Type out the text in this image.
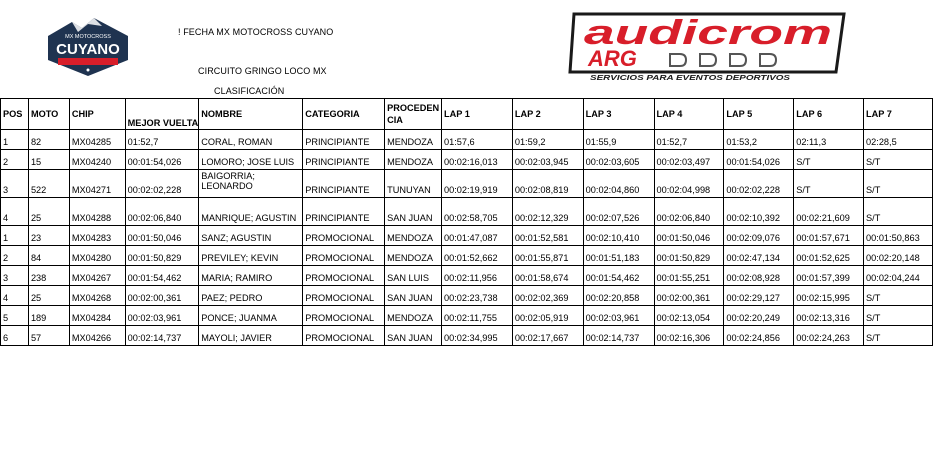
MX MOTOCROSS
CUYANO
! FECHA MX MOTOCROSS CUYANO
CIRCUITO GRINGO LOCO MX
CLASIFICACIÓN
audicrom
ARG
SERVICIOS PARA EVENTOS DEPORTIVOS
POS	MOTO	CHIP	MEJOR VUELTA	NOMBRE	CATEGORIA	PROCEDENCIA	LAP 1	LAP 2	LAP 3	LAP 4	LAP 5	LAP 6	LAP 7
1	82	MX04285	01:52,7	CORAL, ROMAN	PRINCIPIANTE	MENDOZA	01:57,6	01:59,2	01:55,9	01:52,7	01:53,2	02:11,3	02:28,5
2	15	MX04240	00:01:54,026	LOMORO; JOSE LUIS	PRINCIPIANTE	MENDOZA	00:02:16,013	00:02:03,945	00:02:03,605	00:02:03,497	00:01:54,026	S/T	S/T
3	522	MX04271	00:02:02,228	BAIGORRIA; LEONARDO	PRINCIPIANTE	TUNUYAN	00:02:19,919	00:02:08,819	00:02:04,860	00:02:04,998	00:02:02,228	S/T	S/T
4	25	MX04288	00:02:06,840	MANRIQUE; AGUSTIN	PRINCIPIANTE	SAN JUAN	00:02:58,705	00:02:12,329	00:02:07,526	00:02:06,840	00:02:10,392	00:02:21,609	S/T
1	23	MX04283	00:01:50,046	SANZ; AGUSTIN	PROMOCIONAL	MENDOZA	00:01:47,087	00:01:52,581	00:02:10,410	00:01:50,046	00:02:09,076	00:01:57,671	00:01:50,863
2	84	MX04280	00:01:50,829	PREVILEY; KEVIN	PROMOCIONAL	MENDOZA	00:01:52,662	00:01:55,871	00:01:51,183	00:01:50,829	00:02:47,134	00:01:52,625	00:02:20,148
3	238	MX04267	00:01:54,462	MARIA; RAMIRO	PROMOCIONAL	SAN LUIS	00:02:11,956	00:01:58,674	00:01:54,462	00:01:55,251	00:02:08,928	00:01:57,399	00:02:04,244
4	25	MX04268	00:02:00,361	PAEZ; PEDRO	PROMOCIONAL	SAN JUAN	00:02:23,738	00:02:02,369	00:02:20,858	00:02:00,361	00:02:29,127	00:02:15,995	S/T
5	189	MX04284	00:02:03,961	PONCE; JUANMA	PROMOCIONAL	MENDOZA	00:02:11,755	00:02:05,919	00:02:03,961	00:02:13,054	00:02:20,249	00:02:13,316	S/T
6	57	MX04266	00:02:14,737	MAYOLI; JAVIER	PROMOCIONAL	SAN JUAN	00:02:34,995	00:02:17,667	00:02:14,737	00:02:16,306	00:02:24,856	00:02:24,263	S/T
